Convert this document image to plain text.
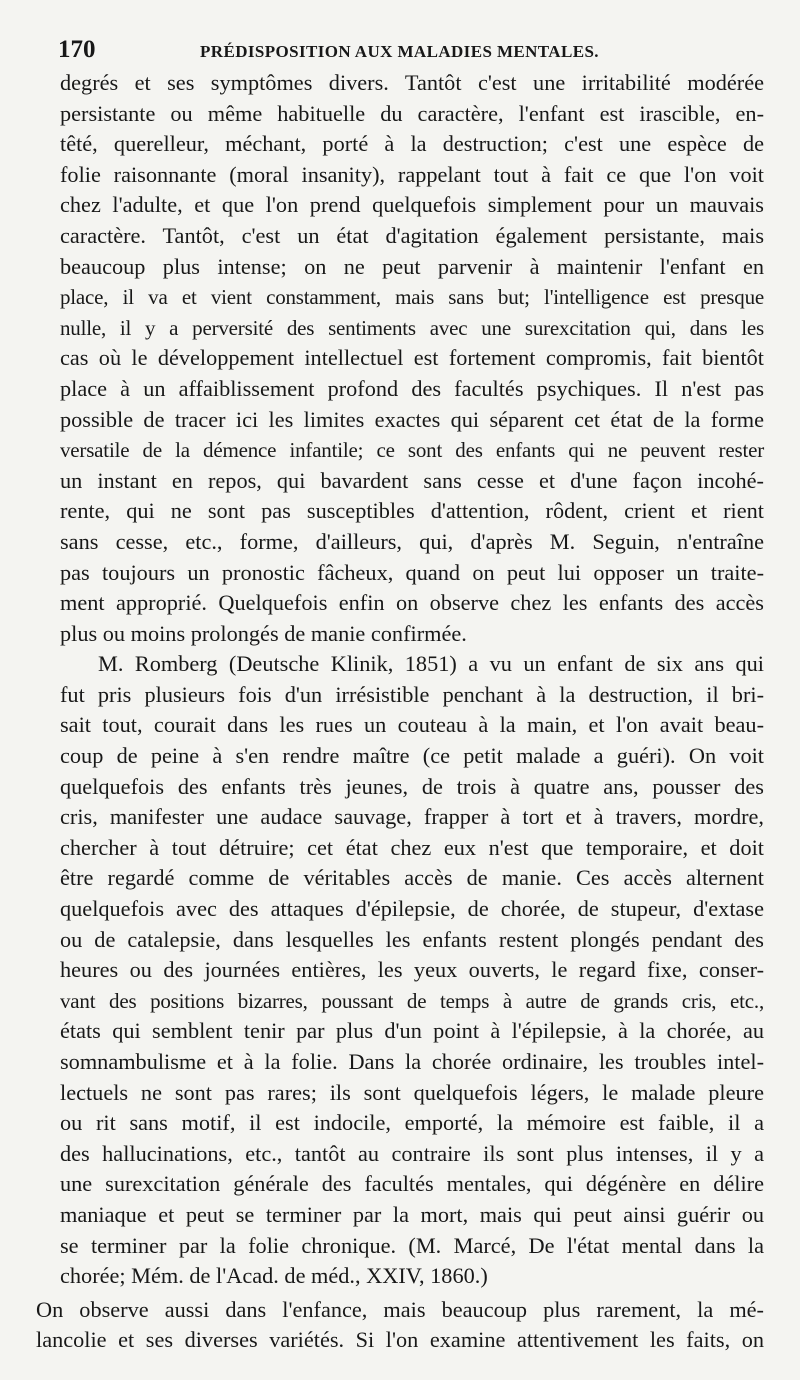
170	PRÉDISPOSITION AUX MALADIES MENTALES.
degrés et ses symptômes divers. Tantôt c'est une irritabilité modérée
persistante ou même habituelle du caractère, l'enfant est irascible, en-
têté, querelleur, méchant, porté à la destruction; c'est une espèce de
folie raisonnante (moral insanity), rappelant tout à fait ce que l'on voit
chez l'adulte, et que l'on prend quelquefois simplement pour un mauvais
caractère. Tantôt, c'est un état d'agitation également persistante, mais
beaucoup plus intense; on ne peut parvenir à maintenir l'enfant en
place, il va et vient constamment, mais sans but; l'intelligence est presque
nulle, il y a perversité des sentiments avec une surexcitation qui, dans les
cas où le développement intellectuel est fortement compromis, fait bientôt
place à un affaiblissement profond des facultés psychiques. Il n'est pas
possible de tracer ici les limites exactes qui séparent cet état de la forme
versatile de la démence infantile; ce sont des enfants qui ne peuvent rester
un instant en repos, qui bavardent sans cesse et d'une façon incohé-
rente, qui ne sont pas susceptibles d'attention, rôdent, crient et rient
sans cesse, etc., forme, d'ailleurs, qui, d'après M. Seguin, n'entraîne
pas toujours un pronostic fâcheux, quand on peut lui opposer un traite-
ment approprié. Quelquefois enfin on observe chez les enfants des accès
plus ou moins prolongés de manie confirmée.
M. Romberg (Deutsche Klinik, 1851) a vu un enfant de six ans qui
fut pris plusieurs fois d'un irrésistible penchant à la destruction, il bri-
sait tout, courait dans les rues un couteau à la main, et l'on avait beau-
coup de peine à s'en rendre maître (ce petit malade a guéri). On voit
quelquefois des enfants très jeunes, de trois à quatre ans, pousser des
cris, manifester une audace sauvage, frapper à tort et à travers, mordre,
chercher à tout détruire; cet état chez eux n'est que temporaire, et doit
être regardé comme de véritables accès de manie. Ces accès alternent
quelquefois avec des attaques d'épilepsie, de chorée, de stupeur, d'extase
ou de catalepsie, dans lesquelles les enfants restent plongés pendant des
heures ou des journées entières, les yeux ouverts, le regard fixe, conser-
vant des positions bizarres, poussant de temps à autre de grands cris, etc.,
états qui semblent tenir par plus d'un point à l'épilepsie, à la chorée, au
somnambulisme et à la folie. Dans la chorée ordinaire, les troubles intel-
lectuels ne sont pas rares; ils sont quelquefois légers, le malade pleure
ou rit sans motif, il est indocile, emporté, la mémoire est faible, il a
des hallucinations, etc., tantôt au contraire ils sont plus intenses, il y a
une surexcitation générale des facultés mentales, qui dégénère en délire
maniaque et peut se terminer par la mort, mais qui peut ainsi guérir ou
se terminer par la folie chronique. (M. Marcé, De l'état mental dans la
chorée; Mém. de l'Acad. de méd., XXIV, 1860.)
On observe aussi dans l'enfance, mais beaucoup plus rarement, la mé-
lancolie et ses diverses variétés. Si l'on examine attentivement les faits, on
